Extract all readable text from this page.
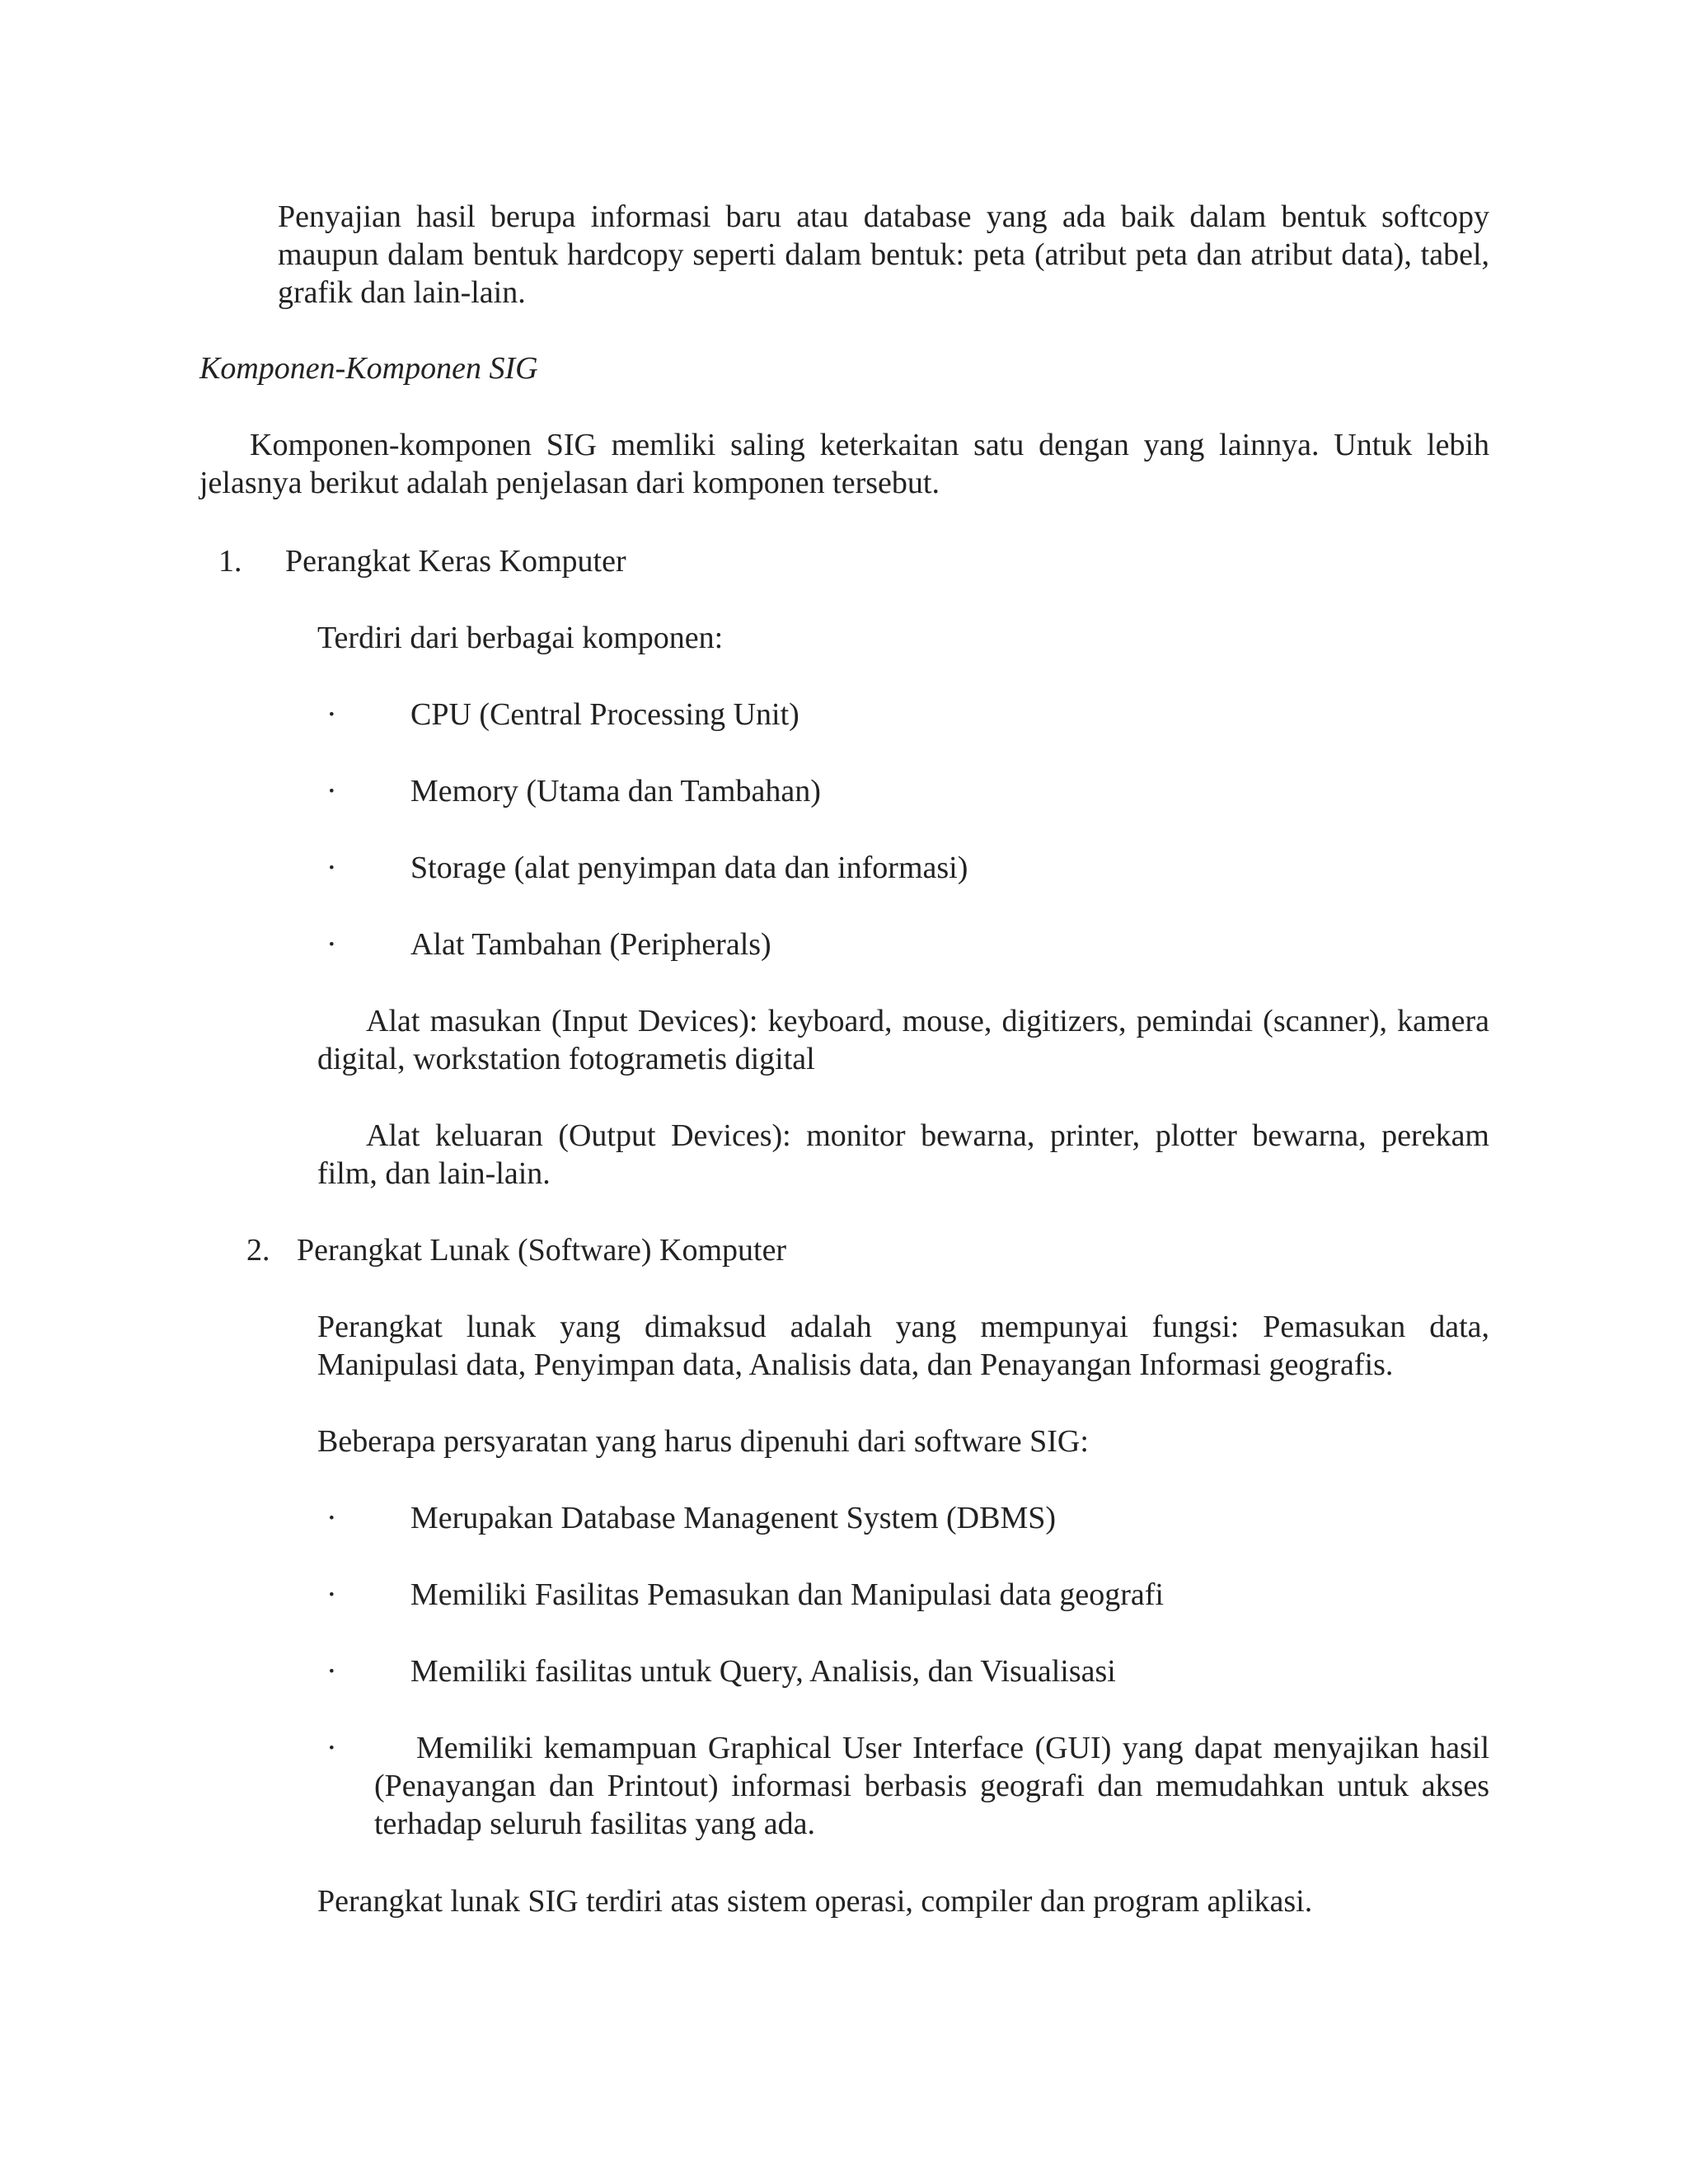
Penyajian hasil berupa informasi baru atau database yang ada baik dalam bentuk softcopy maupun dalam bentuk hardcopy seperti dalam bentuk: peta (atribut peta dan atribut data), tabel, grafik dan lain-lain.

Komponen-Komponen SIG

Komponen-komponen SIG memliki saling keterkaitan satu dengan yang lainnya. Untuk lebih jelasnya berikut adalah penjelasan dari komponen tersebut.

1. Perangkat Keras Komputer

Terdiri dari berbagai komponen:

· CPU (Central Processing Unit)

· Memory (Utama dan Tambahan)

· Storage (alat penyimpan data dan informasi)

· Alat Tambahan (Peripherals)

Alat masukan (Input Devices): keyboard, mouse, digitizers, pemindai (scanner), kamera digital, workstation fotogrametis digital

Alat keluaran (Output Devices): monitor bewarna, printer, plotter bewarna, perekam film, dan lain-lain.

2. Perangkat Lunak (Software) Komputer

Perangkat lunak yang dimaksud adalah yang mempunyai fungsi: Pemasukan data, Manipulasi data, Penyimpan data, Analisis data, dan Penayangan Informasi geografis.

Beberapa persyaratan yang harus dipenuhi dari software SIG:

· Merupakan Database Managenent System (DBMS)

· Memiliki Fasilitas Pemasukan dan Manipulasi data geografi

· Memiliki fasilitas untuk Query, Analisis, dan Visualisasi

·	Memiliki kemampuan Graphical User Interface (GUI) yang dapat menyajikan hasil (Penayangan dan Printout) informasi berbasis geografi dan memudahkan untuk akses terhadap seluruh fasilitas yang ada.

Perangkat lunak SIG terdiri atas sistem operasi, compiler dan program aplikasi.
